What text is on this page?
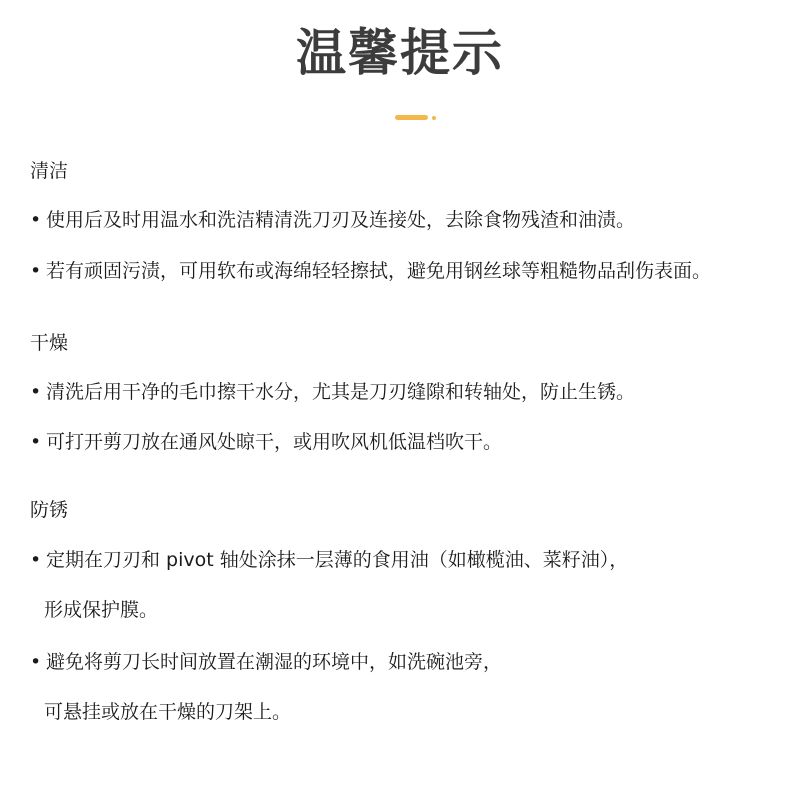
温馨提示
清洁
• 使用后及时用温水和洗洁精清洗刀刃及连接处，去除食物残渣和油渍。
• 若有顽固污渍，可用软布或海绵轻轻擦拭，避免用钢丝球等粗糙物品刮伤表面。
干燥
• 清洗后用干净的毛巾擦干水分，尤其是刀刃缝隙和转轴处，防止生锈。
• 可打开剪刀放在通风处晾干，或用吹风机低温档吹干。
防锈
• 定期在刀刃和 pivot 轴处涂抹一层薄的食用油（如橄榄油、菜籽油），
形成保护膜。
• 避免将剪刀长时间放置在潮湿的环境中，如洗碗池旁，
可悬挂或放在干燥的刀架上。
